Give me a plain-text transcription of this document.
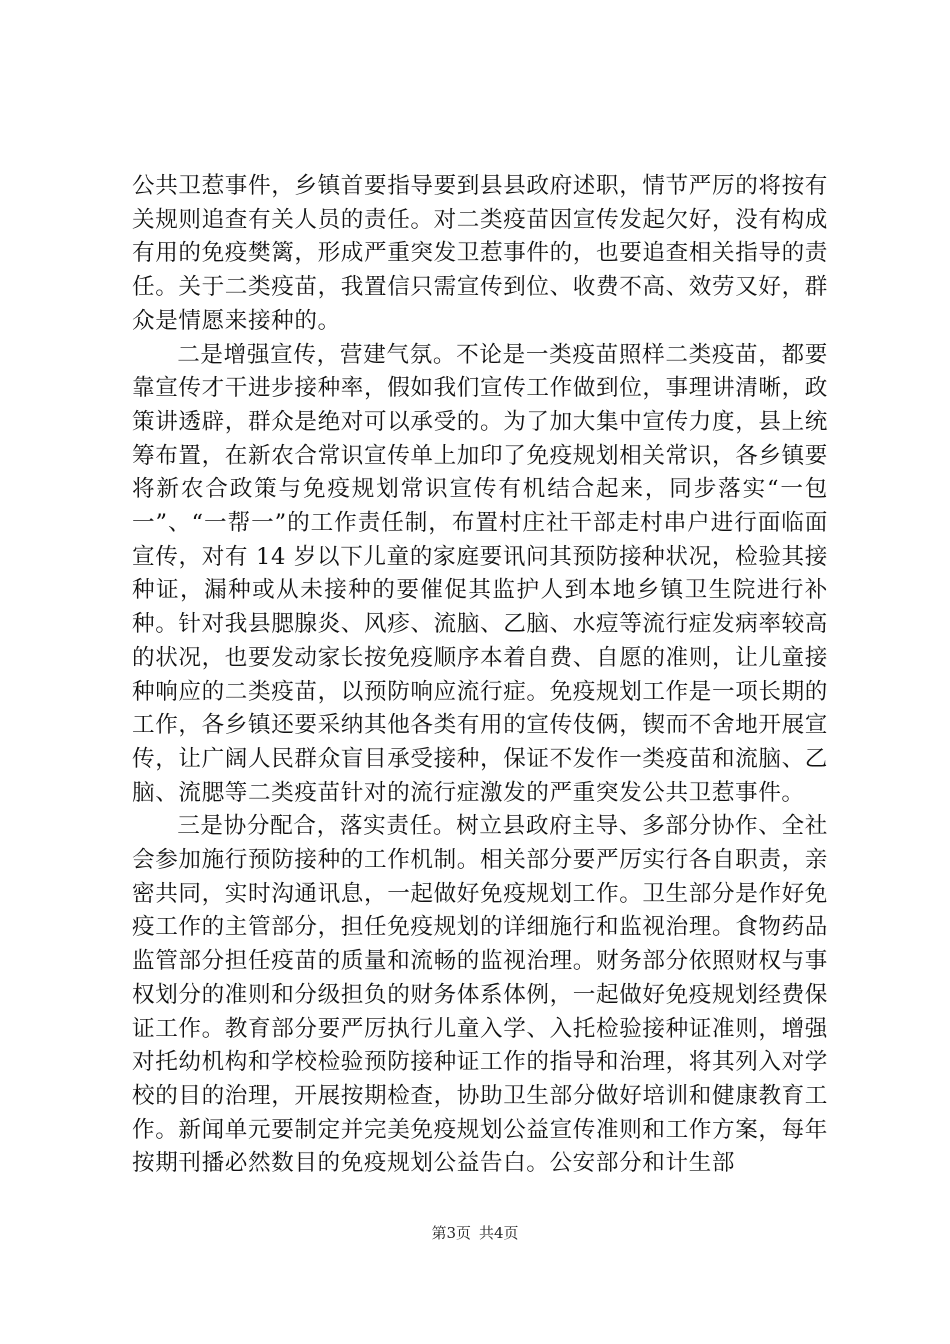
公共卫惹事件，乡镇首要指导要到县县政府述职，情节严厉的将按有关规则追查有关人员的责任。对二类疫苗因宣传发起欠好，没有构成有用的免疫樊篱，形成严重突发卫惹事件的，也要追查相关指导的责任。关于二类疫苗，我置信只需宣传到位、收费不高、效劳又好，群众是情愿来接种的。

二是增强宣传，营建气氛。不论是一类疫苗照样二类疫苗，都要靠宣传才干进步接种率，假如我们宣传工作做到位，事理讲清晰，政策讲透辟，群众是绝对可以承受的。为了加大集中宣传力度，县上统筹布置，在新农合常识宣传单上加印了免疫规划相关常识，各乡镇要将新农合政策与免疫规划常识宣传有机结合起来，同步落实“一包一”、“一帮一”的工作责任制，布置村庄社干部走村串户进行面临面宣传，对有 14 岁以下儿童的家庭要讯问其预防接种状况，检验其接种证，漏种或从未接种的要催促其监护人到本地乡镇卫生院进行补种。针对我县腮腺炎、风疹、流脑、乙脑、水痘等流行症发病率较高的状况，也要发动家长按免疫顺序本着自费、自愿的准则，让儿童接种响应的二类疫苗，以预防响应流行症。免疫规划工作是一项长期的工作，各乡镇还要采纳其他各类有用的宣传伎俩，锲而不舍地开展宣传，让广阔人民群众盲目承受接种，保证不发作一类疫苗和流脑、乙脑、流腮等二类疫苗针对的流行症激发的严重突发公共卫惹事件。

三是协分配合，落实责任。树立县政府主导、多部分协作、全社会参加施行预防接种的工作机制。相关部分要严厉实行各自职责，亲密共同，实时沟通讯息，一起做好免疫规划工作。卫生部分是作好免疫工作的主管部分，担任免疫规划的详细施行和监视治理。食物药品监管部分担任疫苗的质量和流畅的监视治理。财务部分依照财权与事权划分的准则和分级担负的财务体系体例，一起做好免疫规划经费保证工作。教育部分要严厉执行儿童入学、入托检验接种证准则，增强对托幼机构和学校检验预防接种证工作的指导和治理，将其列入对学校的目的治理，开展按期检查，协助卫生部分做好培训和健康教育工作。新闻单元要制定并完美免疫规划公益宣传准则和工作方案，每年按期刊播必然数目的免疫规划公益告白。公安部分和计生部

第3页 共4页
